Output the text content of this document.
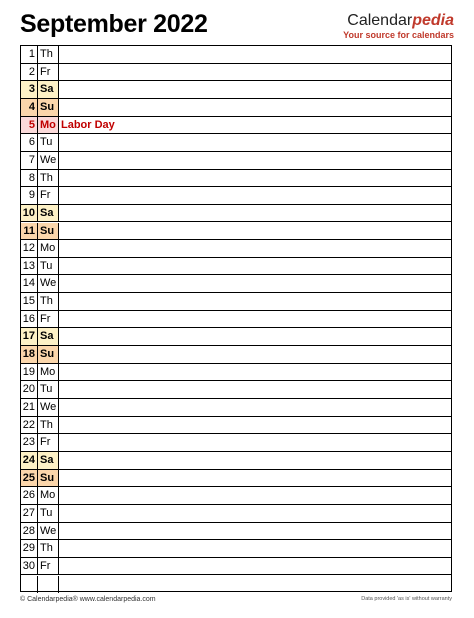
September 2022	Calendarpedia
Your source for calendars
1 Th
2 Fr
3 Sa
4 Su
5 Mo Labor Day
6 Tu
7 We
8 Th
9 Fr
10 Sa
11 Su
12 Mo
13 Tu
14 We
15 Th
16 Fr
17 Sa
18 Su
19 Mo
20 Tu
21 We
22 Th
23 Fr
24 Sa
25 Su
26 Mo
27 Tu
28 We
29 Th
30 Fr
© Calendarpedia® www.calendarpedia.com	Data provided 'as is' without warranty
